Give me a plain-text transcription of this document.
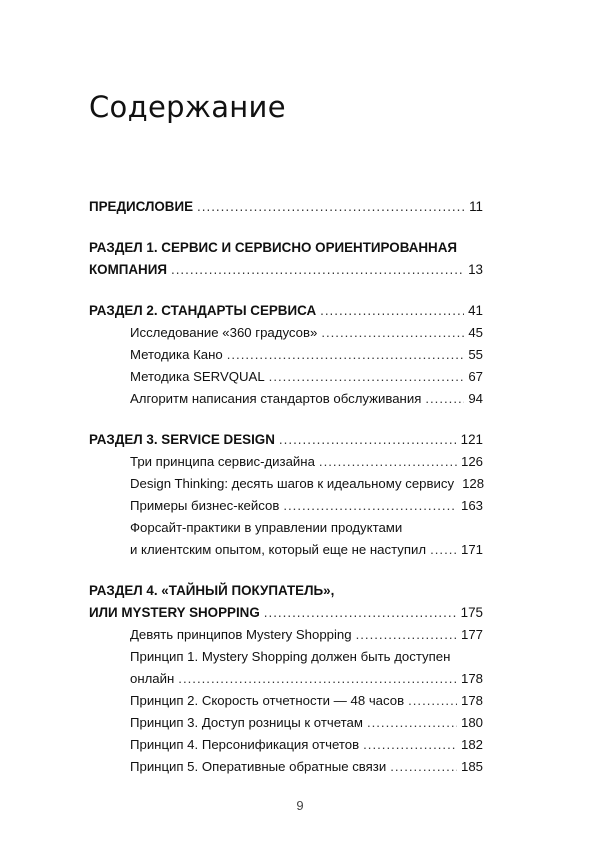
Содержание
ПРЕДИСЛОВИЕ .....	11
РАЗДЕЛ 1. СЕРВИС И СЕРВИСНО ОРИЕНТИРОВАННАЯ
КОМПАНИЯ .....	13
РАЗДЕЛ 2. СТАНДАРТЫ СЕРВИСА .....	41
Исследование «360 градусов» .....	45
Методика Кано .....	55
Методика SERVQUAL .....	67
Алгоритм написания стандартов обслуживания .....	94
РАЗДЕЛ 3. SERVICE DESIGN .....	121
Три принципа сервис-дизайна .....	126
Design Thinking: десять шагов к идеальному сервису 128
Примеры бизнес-кейсов .....	163
Форсайт-практики в управлении продуктами
и клиентским опытом, который еще не наступил .....	171
РАЗДЕЛ 4. «ТАЙНЫЙ ПОКУПАТЕЛЬ»,
ИЛИ MYSTERY SHOPPING .....	175
Девять принципов Mystery Shopping .....	177
Принцип 1. Mystery Shopping должен быть доступен
онлайн .....	178
Принцип 2. Скорость отчетности — 48 часов .....	178
Принцип 3. Доступ розницы к отчетам .....	180
Принцип 4. Персонификация отчетов .....	182
Принцип 5. Оперативные обратные связи .....	185
9
